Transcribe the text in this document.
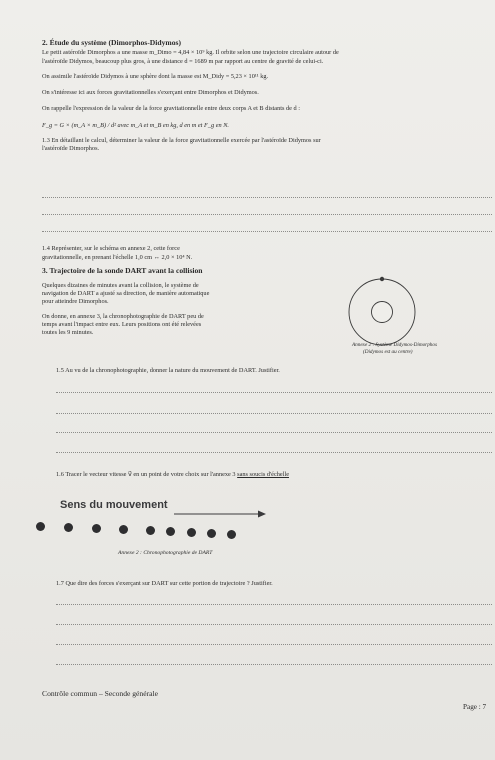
2. Étude du système (Dimorphos-Didymos)
Le petit astéroïde Dimorphos a une masse m_Dimo = 4,84 × 10⁹ kg. Il orbite selon une trajectoire circulaire autour de
l'astéroïde Didymos, beaucoup plus gros, à une distance d = 1689 m par rapport au centre de gravité de celui-ci.
On assimile l'astéroïde Didymos à une sphère dont la masse est M_Didy = 5,23 × 10¹¹ kg.
On s'intéresse ici aux forces gravitationnelles s'exerçant entre Dimorphos et Didymos.
On rappelle l'expression de la valeur de la force gravitationnelle entre deux corps A et B distants de d :
F_g = G × (m_A × m_B) / d² avec m_A et m_B en kg, d en m et F_g en N.
1.3 En détaillant le calcul, déterminer la valeur de la force gravitationnelle exercée par l'astéroïde Didymos sur
l'astéroïde Dimorphos.
1.4 Représenter, sur le schéma en annexe 2, cette force
gravitationnelle, en prenant l'échelle 1,0 cm ↔ 2,0 × 10⁴ N.
3. Trajectoire de la sonde DART avant la collision
Quelques dizaines de minutes avant la collision, le système de
navigation de DART a ajusté sa direction, de manière automatique
pour atteindre Dimorphos.
On donne, en annexe 3, la chronophotographie de DART peu de
temps avant l'impact entre eux. Leurs positions ont été relevées
toutes les 9 minutes.
Annexe 2 : Système Didymos-Dimorphos
(Didymos est au centre)
1.5 Au vu de la chronophotographie, donner la nature du mouvement de DART. Justifier.
1.6 Tracer le vecteur vitesse v⃗ en un point de votre choix sur l'annexe 3 sans soucis d'échelle
Sens du mouvement
Annexe 2 : Chronophotographie de DART
1.7 Que dire des forces s'exerçant sur DART sur cette portion de trajectoire ? Justifier.
Contrôle commun – Seconde générale
Page : 7
